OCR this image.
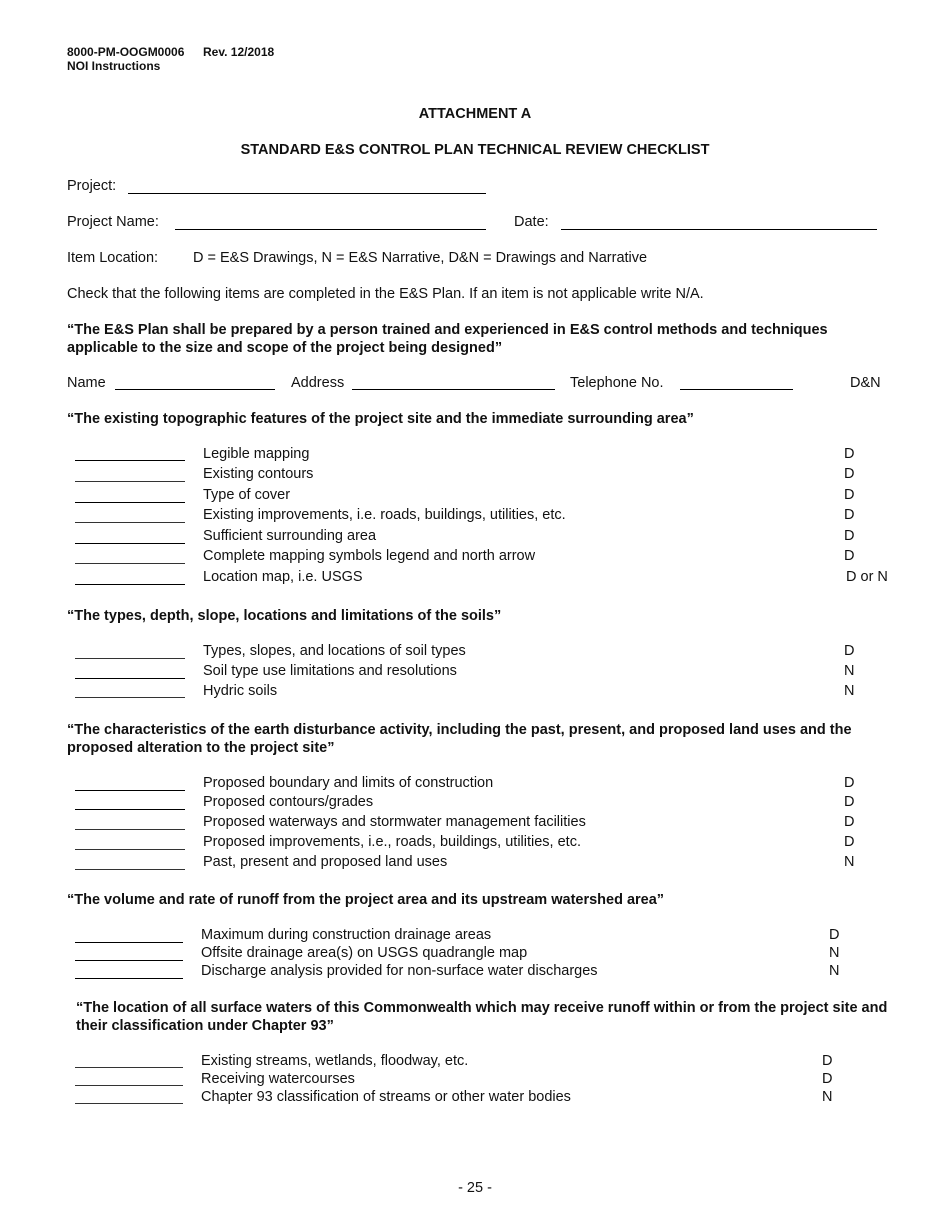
8000-PM-OOGM0006 Rev. 12/2018
NOI Instructions
ATTACHMENT A
STANDARD E&S CONTROL PLAN TECHNICAL REVIEW CHECKLIST
Project:
Project Name:	Date:
Item Location: D = E&S Drawings, N = E&S Narrative, D&N = Drawings and Narrative
Check that the following items are completed in the E&S Plan. If an item is not applicable write N/A.
“The E&S Plan shall be prepared by a person trained and experienced in E&S control methods and techniques applicable to the size and scope of the project being designed”
Name	Address	Telephone No.	D&N
“The existing topographic features of the project site and the immediate surrounding area”
Legible mapping	D
Existing contours	D
Type of cover	D
Existing improvements, i.e. roads, buildings, utilities, etc.	D
Sufficient surrounding area	D
Complete mapping symbols legend and north arrow	D
Location map, i.e. USGS	D or N
“The types, depth, slope, locations and limitations of the soils”
Types, slopes, and locations of soil types	D
Soil type use limitations and resolutions	N
Hydric soils	N
“The characteristics of the earth disturbance activity, including the past, present, and proposed land uses and the proposed alteration to the project site”
Proposed boundary and limits of construction	D
Proposed contours/grades	D
Proposed waterways and stormwater management facilities	D
Proposed improvements, i.e., roads, buildings, utilities, etc.	D
Past, present and proposed land uses	N
“The volume and rate of runoff from the project area and its upstream watershed area”
Maximum during construction drainage areas	D
Offsite drainage area(s) on USGS quadrangle map	N
Discharge analysis provided for non-surface water discharges	N
“The location of all surface waters of this Commonwealth which may receive runoff within or from the project site and their classification under Chapter 93”
Existing streams, wetlands, floodway, etc.	D
Receiving watercourses	D
Chapter 93 classification of streams or other water bodies	N
- 25 -
